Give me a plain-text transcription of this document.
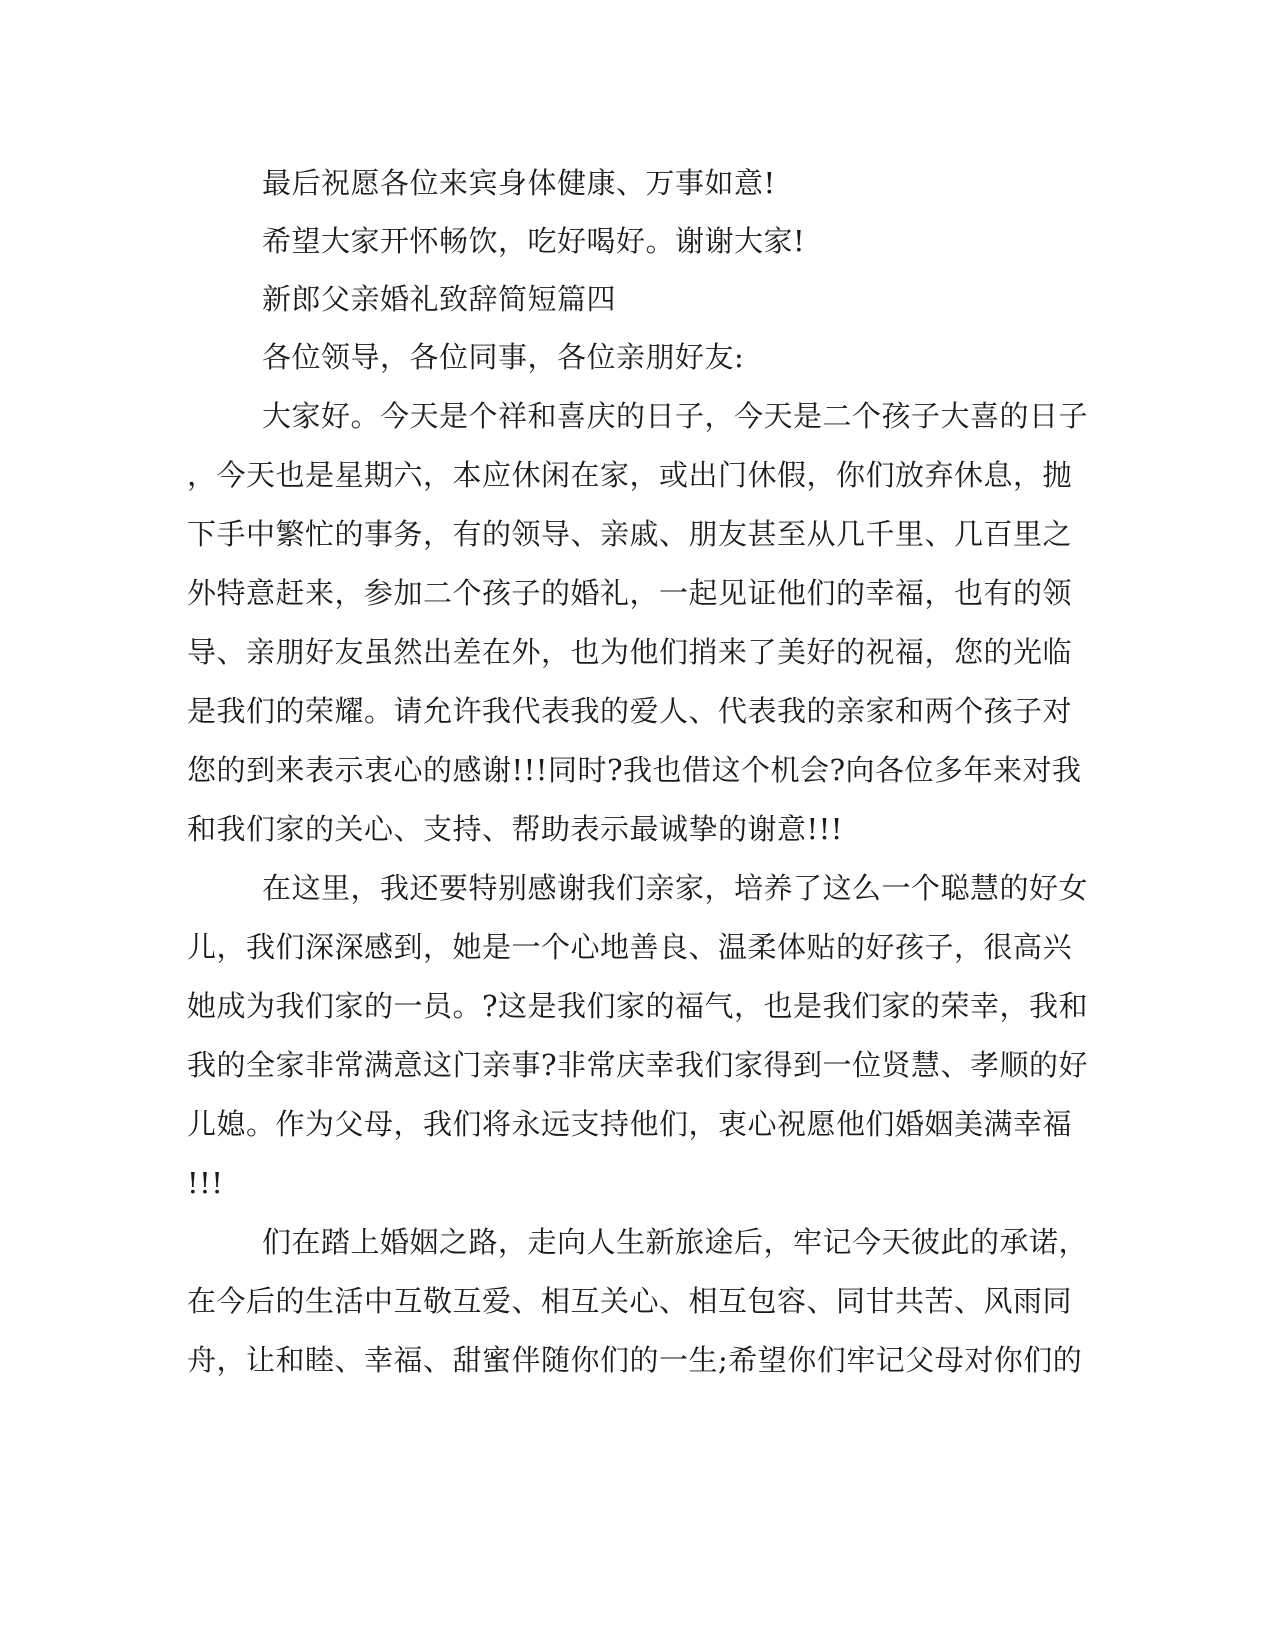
最后祝愿各位来宾身体健康、万事如意!
希望大家开怀畅饮，吃好喝好。谢谢大家!
新郎父亲婚礼致辞简短篇四
各位领导，各位同事，各位亲朋好友:
大家好。今天是个祥和喜庆的日子，今天是二个孩子大喜的日子
，今天也是星期六，本应休闲在家，或出门休假，你们放弃休息，抛
下手中繁忙的事务，有的领导、亲戚、朋友甚至从几千里、几百里之
外特意赶来，参加二个孩子的婚礼，一起见证他们的幸福，也有的领
导、亲朋好友虽然出差在外，也为他们捎来了美好的祝福，您的光临
是我们的荣耀。请允许我代表我的爱人、代表我的亲家和两个孩子对
您的到来表示衷心的感谢!!!同时?我也借这个机会?向各位多年来对我
和我们家的关心、支持、帮助表示最诚挚的谢意!!!
在这里，我还要特别感谢我们亲家，培养了这么一个聪慧的好女
儿，我们深深感到，她是一个心地善良、温柔体贴的好孩子，很高兴
她成为我们家的一员。?这是我们家的福气，也是我们家的荣幸，我和
我的全家非常满意这门亲事?非常庆幸我们家得到一位贤慧、孝顺的好
儿媳。作为父母，我们将永远支持他们，衷心祝愿他们婚姻美满幸福
!!!
们在踏上婚姻之路，走向人生新旅途后，牢记今天彼此的承诺，
在今后的生活中互敬互爱、相互关心、相互包容、同甘共苦、风雨同
舟，让和睦、幸福、甜蜜伴随你们的一生;希望你们牢记父母对你们的
